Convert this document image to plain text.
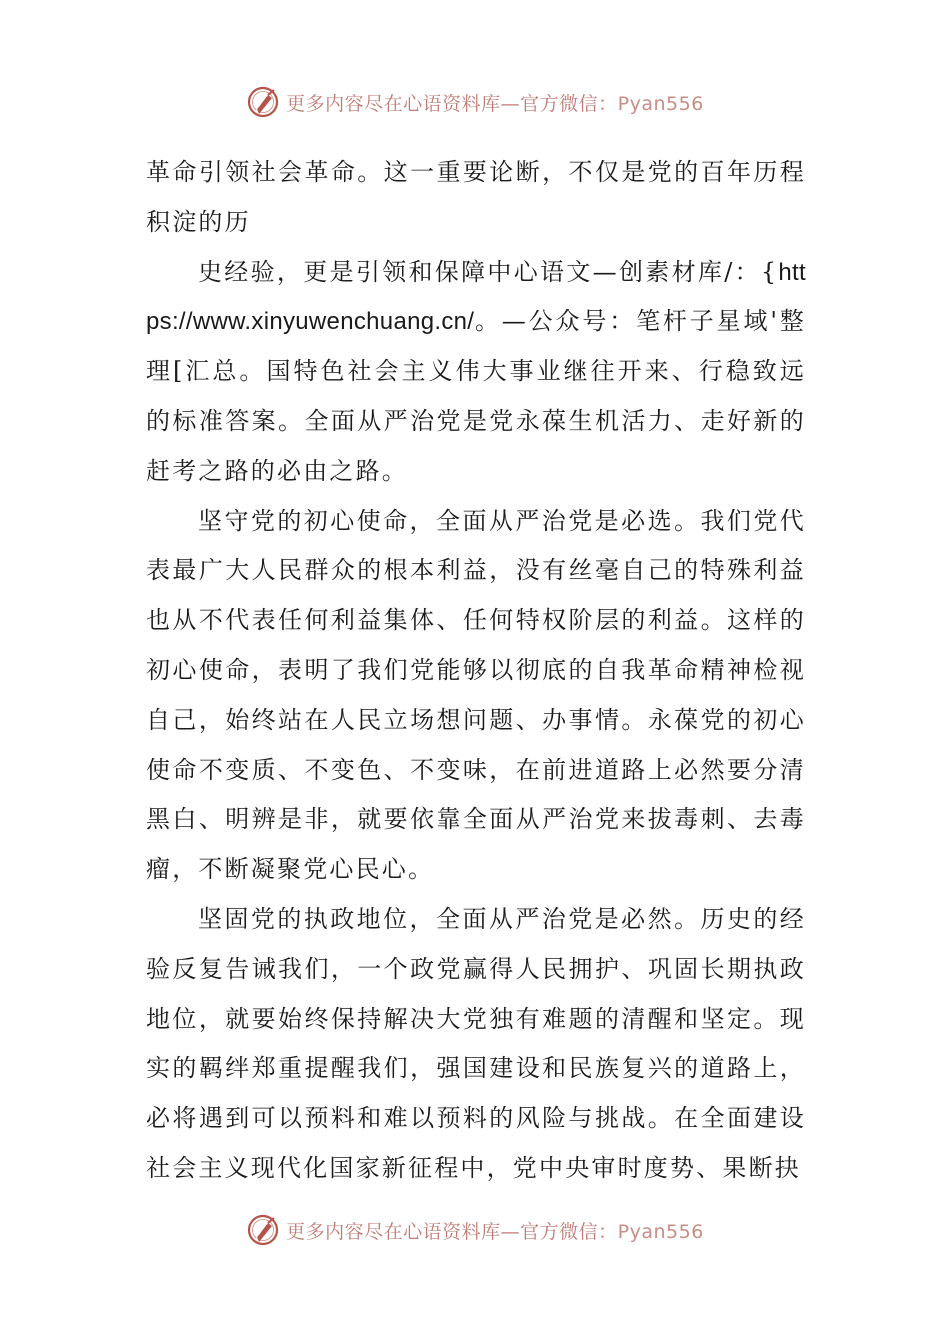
更多内容尽在心语资料库—官方微信：Pyan556

革命引领社会革命。这一重要论断，不仅是党的百年历程积淀的历

史经验，更是引领和保障中心语文—创素材库/：{https://www.xinyuwenchuang.cn/。—公众号：笔杆子星域'整理[汇总。国特色社会主义伟大事业继往开来、行稳致远的标准答案。全面从严治党是党永葆生机活力、走好新的赶考之路的必由之路。

坚守党的初心使命，全面从严治党是必选。我们党代表最广大人民群众的根本利益，没有丝毫自己的特殊利益也从不代表任何利益集体、任何特权阶层的利益。这样的初心使命，表明了我们党能够以彻底的自我革命精神检视自己，始终站在人民立场想问题、办事情。永葆党的初心使命不变质、不变色、不变味，在前进道路上必然要分清黑白、明辨是非，就要依靠全面从严治党来拔毒刺、去毒瘤，不断凝聚党心民心。

坚固党的执政地位，全面从严治党是必然。历史的经验反复告诫我们，一个政党赢得人民拥护、巩固长期执政地位，就要始终保持解决大党独有难题的清醒和坚定。现实的羁绊郑重提醒我们，强国建设和民族复兴的道路上，必将遇到可以预料和难以预料的风险与挑战。在全面建设社会主义现代化国家新征程中，党中央审时度势、果断抉

更多内容尽在心语资料库—官方微信：Pyan556
